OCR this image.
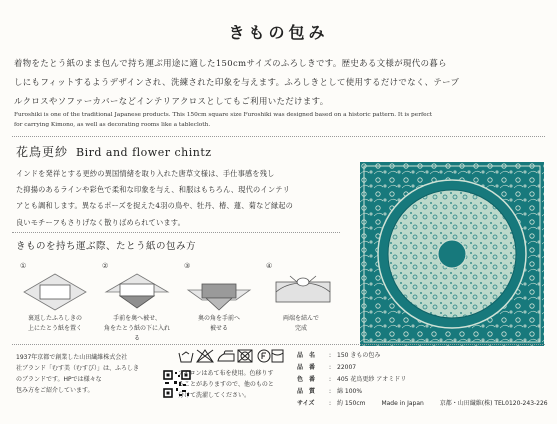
きもの包み
着物をたとう紙のまま包んで持ち運ぶ用途に適した150cmサイズのふろしきです。歴史ある文様が現代の暮ら
しにもフィットするようデザインされ、洗練された印象を与えます。ふろしきとして使用するだけでなく、テーブ
ルクロスやソファーカバーなどインテリアクロスとしてもご利用いただけます。
Furoshiki is one of the traditional Japanese products. This 150cm square size Furoshiki was designed based on a historic pattern. It is perfect
for carrying Kimono, as well as decorating rooms like a tablecloth.
花鳥更紗 Bird and flower chintz
インドを発祥とする更紗の異国情緒を取り入れた唐草文様は、手仕事感を残し
た抑揚のあるラインや彩色で柔和な印象を与え、和服はもちろん、現代のインテリ
アとも調和します。異なるポーズを捉えた4羽の鳥や、牡丹、椿、蓮、菊など縁起の
良いモチーフもさりげなく散りばめられています。
きものを持ち運ぶ際、たとう紙の包み方
①
裏返したふろしきの
上にたとう紙を置く
②
手前を奥へ被せ、
角をたとう紙の下に入れる
③
奥の角を手前へ
被せる
④
両端を結んで
完成
1937年京都で創業した山田繊維株式会社
社ブランド「むす美（むすび）」は、ふろしき
のブランドです。HPでは様々な
包み方をご紹介しています。
アイロンはあて布を使用。色移りす
ることがありますので、他のものと
分けて洗濯してください。
品　名 : 150 きもの包み
品　番 : 22007
色　番 : 405 花鳥更紗 アオミドリ
品　質 : 綿 100%
サイズ : 約 150cm	Made in Japan	京都・山田繊維(株) TEL0120-243-226
